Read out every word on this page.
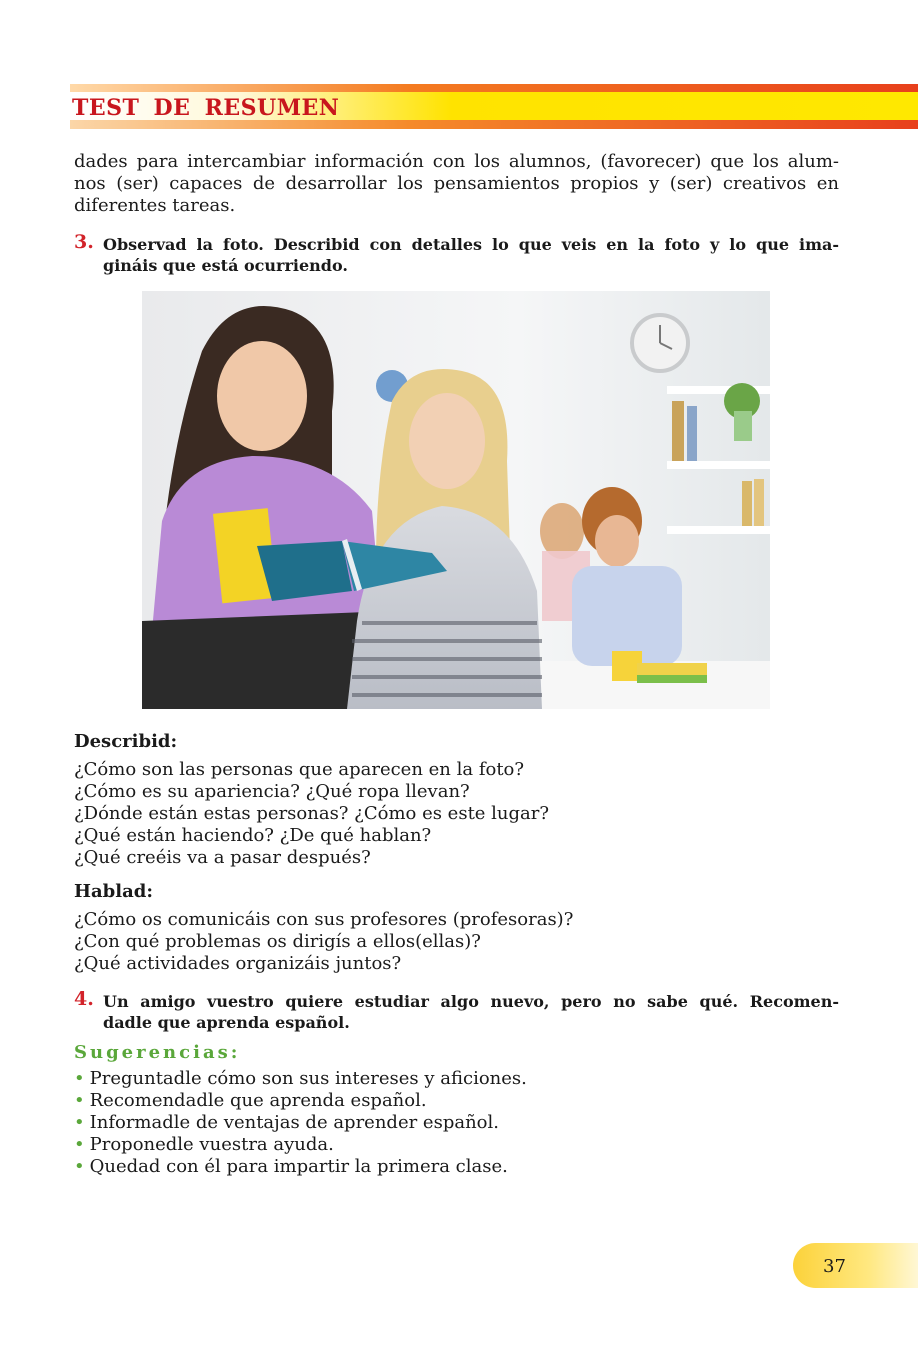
TEST DE RESUMEN
dades para intercambiar información con los alumnos, (favorecer) que los alum-
nos (ser) capaces de desarrollar los pensamientos propios y (ser) creativos en
diferentes tareas.
3. Observad la foto. Describid con detalles lo que veis en la foto y lo que ima-
gináis que está ocurriendo.
Describid:
¿Cómo son las personas que aparecen en la foto?
¿Cómo es su apariencia? ¿Qué ropa llevan?
¿Dónde están estas personas? ¿Cómo es este lugar?
¿Qué están haciendo? ¿De qué hablan?
¿Qué creéis va a pasar después?
Hablad:
¿Cómo os comunicáis con sus profesores (profesoras)?
¿Con qué problemas os dirigís a ellos(ellas)?
¿Qué actividades organizáis juntos?
4. Un amigo vuestro quiere estudiar algo nuevo, pero no sabe qué. Recomen-
dadle que aprenda español.
Sugerencias:
• Preguntadle cómo son sus intereses y aficiones.
• Recomendadle que aprenda español.
• Informadle de ventajas de aprender español.
• Proponedle vuestra ayuda.
• Quedad con él para impartir la primera clase.
37
